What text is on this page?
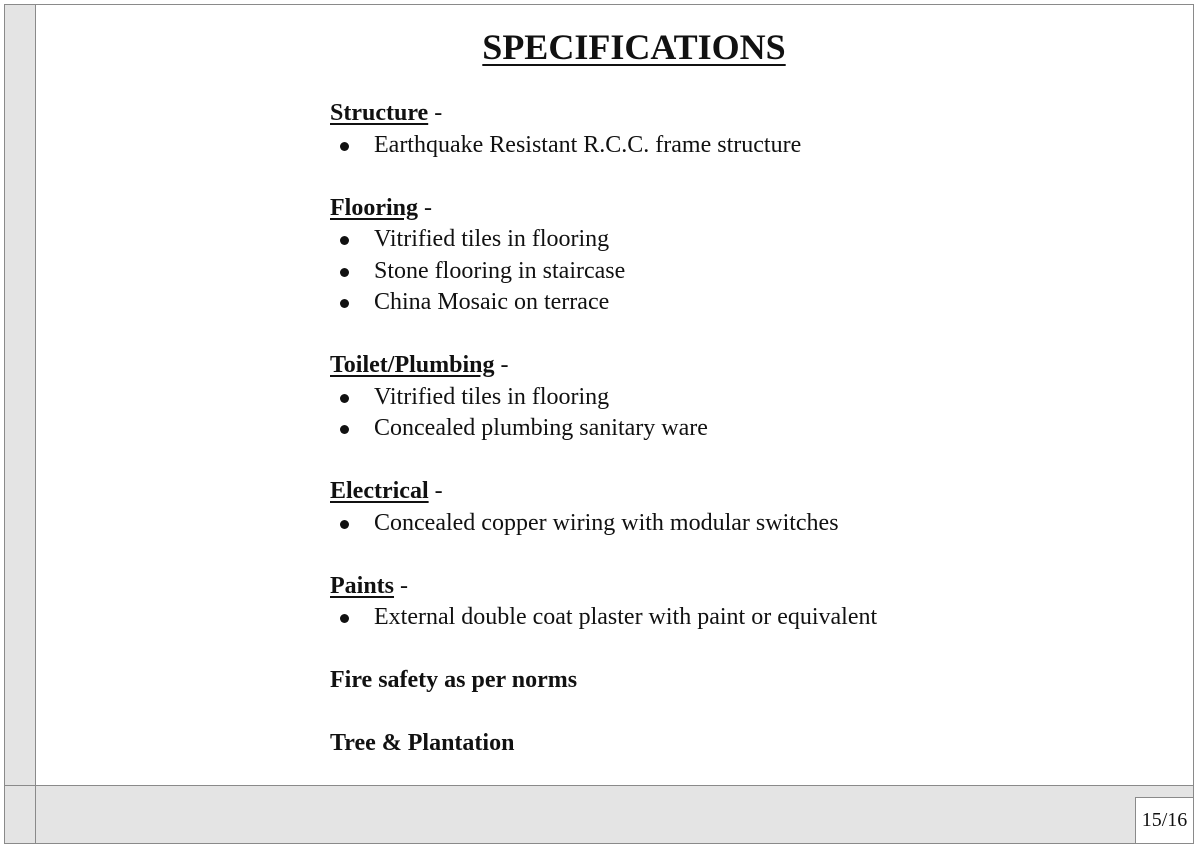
15/16
SPECIFICATIONS

Structure -

Earthquake Resistant R.C.C. frame structure

Flooring -

Vitrified tiles in flooring
Stone flooring in staircase
China Mosaic on terrace

Toilet/Plumbing -

Vitrified tiles in flooring
Concealed plumbing sanitary ware

Electrical -

Concealed copper wiring with modular switches

Paints -

External double coat plaster with paint or equivalent

Fire safety as per norms

Tree & Plantation
